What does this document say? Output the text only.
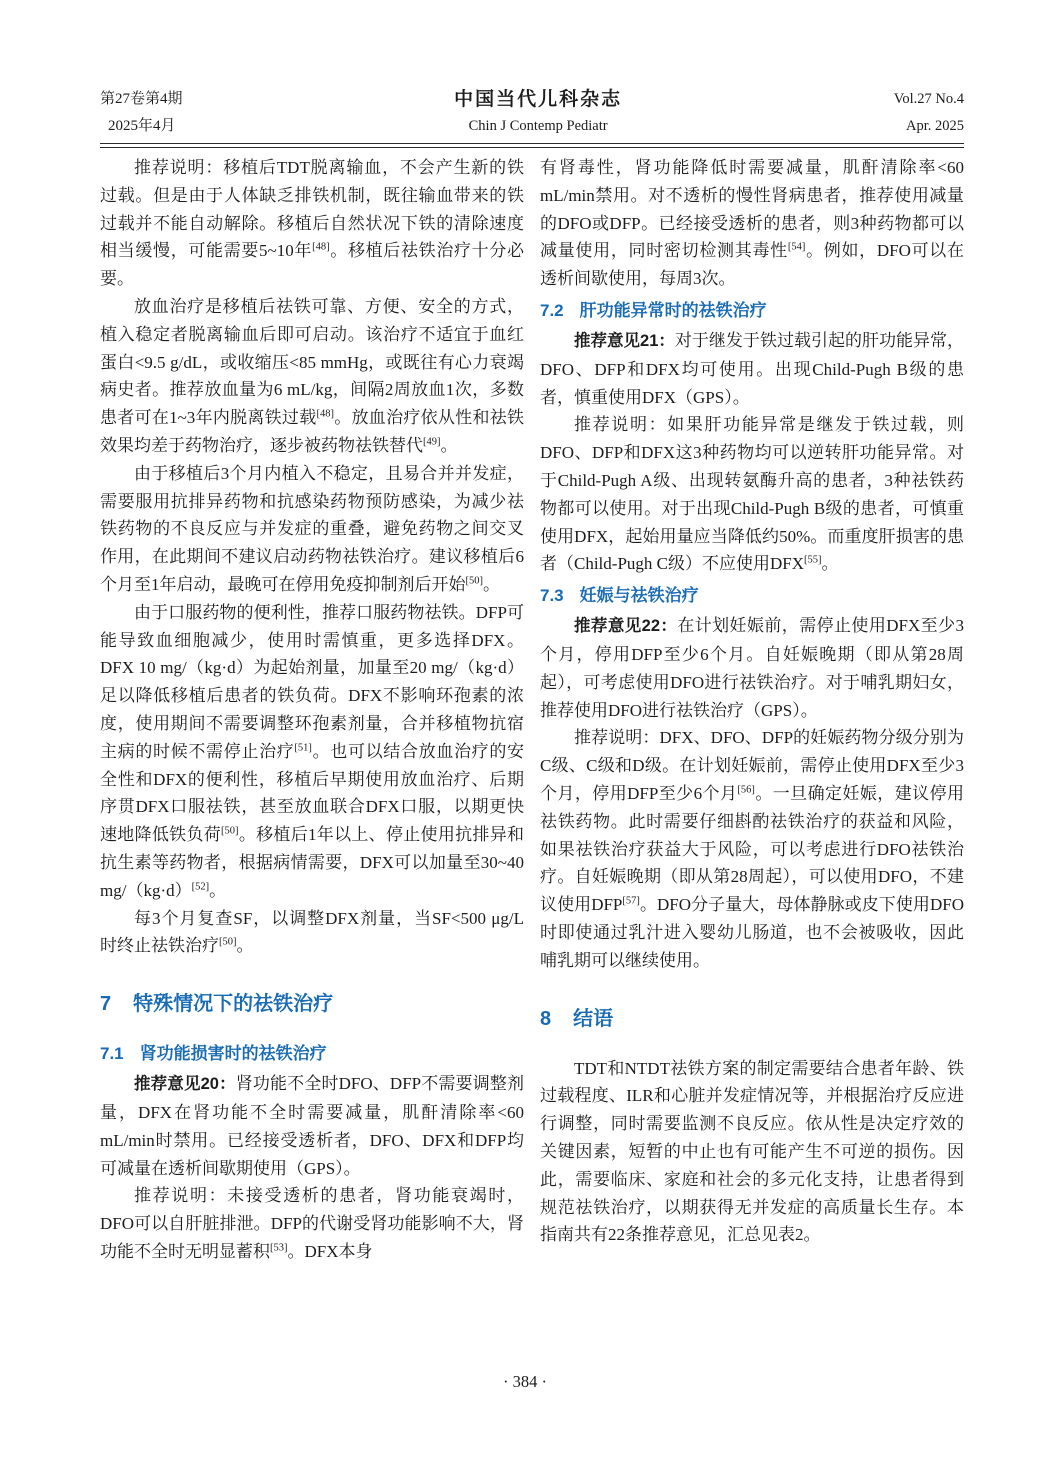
第27卷第4期
2025年4月
中国当代儿科杂志
Chin J Contemp Pediatr
Vol.27 No.4
Apr. 2025

推荐说明：移植后TDT脱离输血，不会产生新的铁过载。但是由于人体缺乏排铁机制，既往输血带来的铁过载并不能自动解除。移植后自然状况下铁的清除速度相当缓慢，可能需要5~10年[48]。移植后祛铁治疗十分必要。

放血治疗是移植后祛铁可靠、方便、安全的方式，植入稳定者脱离输血后即可启动。该治疗不适宜于血红蛋白<9.5 g/dL，或收缩压<85 mmHg，或既往有心力衰竭病史者。推荐放血量为6 mL/kg，间隔2周放血1次，多数患者可在1~3年内脱离铁过载[48]。放血治疗依从性和祛铁效果均差于药物治疗，逐步被药物祛铁替代[49]。

由于移植后3个月内植入不稳定，且易合并并发症，需要服用抗排异药物和抗感染药物预防感染，为减少祛铁药物的不良反应与并发症的重叠，避免药物之间交叉作用，在此期间不建议启动药物祛铁治疗。建议移植后6个月至1年启动，最晚可在停用免疫抑制剂后开始[50]。

由于口服药物的便利性，推荐口服药物祛铁。DFP可能导致血细胞减少，使用时需慎重，更多选择DFX。DFX 10 mg/（kg·d）为起始剂量，加量至20 mg/（kg·d）足以降低移植后患者的铁负荷。DFX不影响环孢素的浓度，使用期间不需要调整环孢素剂量，合并移植物抗宿主病的时候不需停止治疗[51]。也可以结合放血治疗的安全性和DFX的便利性，移植后早期使用放血治疗、后期序贯DFX口服祛铁，甚至放血联合DFX口服，以期更快速地降低铁负荷[50]。移植后1年以上、停止使用抗排异和抗生素等药物者，根据病情需要，DFX可以加量至30~40 mg/（kg·d）[52]。

每3个月复查SF，以调整DFX剂量，当SF<500 μg/L时终止祛铁治疗[50]。

7 特殊情况下的祛铁治疗
7.1 肾功能损害时的祛铁治疗

推荐意见20：肾功能不全时DFO、DFP不需要调整剂量，DFX在肾功能不全时需要减量，肌酐清除率<60 mL/min时禁用。已经接受透析者，DFO、DFX和DFP均可减量在透析间歇期使用（GPS）。

推荐说明：未接受透析的患者，肾功能衰竭时，DFO可以自肝脏排泄。DFP的代谢受肾功能影响不大，肾功能不全时无明显蓄积[53]。DFX本身

有肾毒性，肾功能降低时需要减量，肌酐清除率<60 mL/min禁用。对不透析的慢性肾病患者，推荐使用减量的DFO或DFP。已经接受透析的患者，则3种药物都可以减量使用，同时密切检测其毒性[54]。例如，DFO可以在透析间歇使用，每周3次。

7.2 肝功能异常时的祛铁治疗

推荐意见21：对于继发于铁过载引起的肝功能异常，DFO、DFP和DFX均可使用。出现Child-Pugh B级的患者，慎重使用DFX（GPS）。

推荐说明：如果肝功能异常是继发于铁过载，则DFO、DFP和DFX这3种药物均可以逆转肝功能异常。对于Child-Pugh A级、出现转氨酶升高的患者，3种祛铁药物都可以使用。对于出现Child-Pugh B级的患者，可慎重使用DFX，起始用量应当降低约50%。而重度肝损害的患者（Child-Pugh C级）不应使用DFX[55]。

7.3 妊娠与祛铁治疗

推荐意见22：在计划妊娠前，需停止使用DFX至少3个月，停用DFP至少6个月。自妊娠晚期（即从第28周起），可考虑使用DFO进行祛铁治疗。对于哺乳期妇女，推荐使用DFO进行祛铁治疗（GPS）。

推荐说明：DFX、DFO、DFP的妊娠药物分级分别为C级、C级和D级。在计划妊娠前，需停止使用DFX至少3个月，停用DFP至少6个月[56]。一旦确定妊娠，建议停用祛铁药物。此时需要仔细斟酌祛铁治疗的获益和风险，如果祛铁治疗获益大于风险，可以考虑进行DFO祛铁治疗。自妊娠晚期（即从第28周起），可以使用DFO，不建议使用DFP[57]。DFO分子量大，母体静脉或皮下使用DFO时即使通过乳汁进入婴幼儿肠道，也不会被吸收，因此哺乳期可以继续使用。

8 结语

TDT和NTDT祛铁方案的制定需要结合患者年龄、铁过载程度、ILR和心脏并发症情况等，并根据治疗反应进行调整，同时需要监测不良反应。依从性是决定疗效的关键因素，短暂的中止也有可能产生不可逆的损伤。因此，需要临床、家庭和社会的多元化支持，让患者得到规范祛铁治疗，以期获得无并发症的高质量长生存。本指南共有22条推荐意见，汇总见表2。

· 384 ·
